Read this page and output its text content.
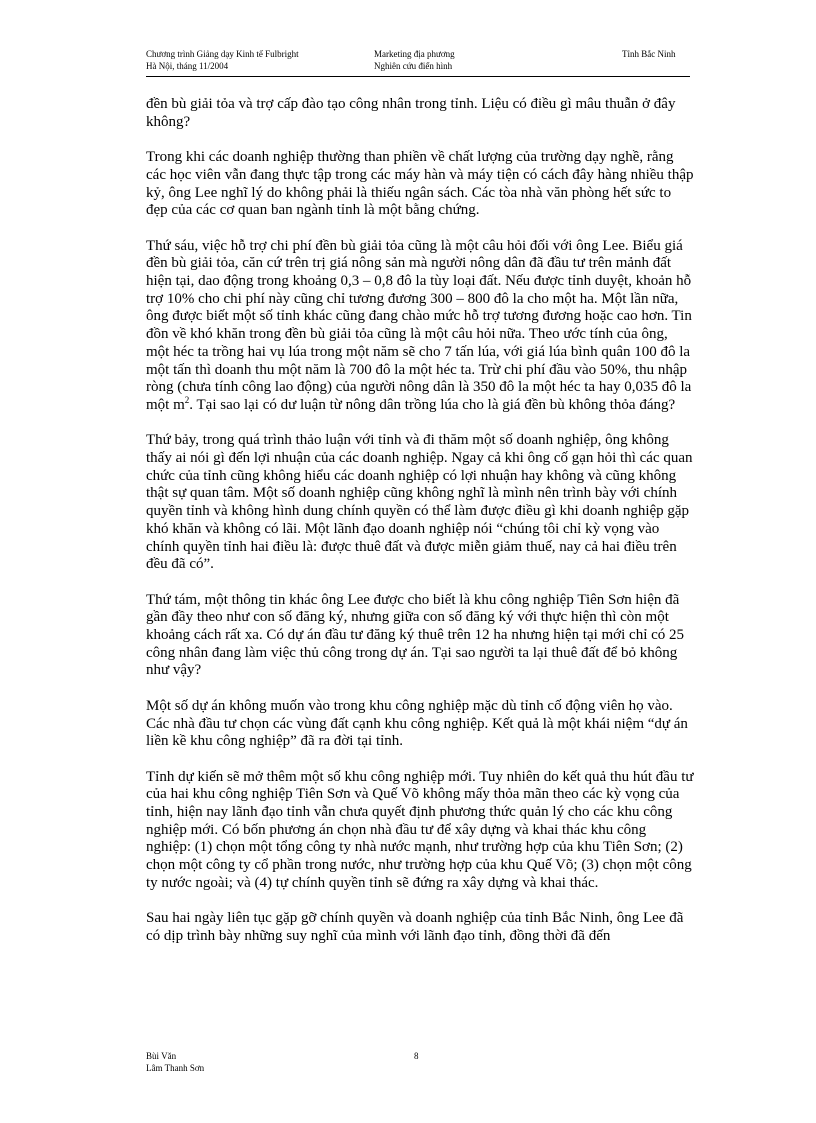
Chương trình Giảng dạy Kinh tế Fulbright
Hà Nội, tháng 11/2004
Marketing địa phương
Nghiên cứu điển hình
Tỉnh Bắc Ninh

đền bù giải tỏa và trợ cấp đào tạo công nhân trong tỉnh. Liệu có điều gì mâu thuẫn ở đây không?

Trong khi các doanh nghiệp thường than phiền về chất lượng của trường dạy nghề, rằng các học viên vẫn đang thực tập trong các máy hàn và máy tiện có cách đây hàng nhiều thập kỷ, ông Lee nghĩ lý do không phải là thiếu ngân sách. Các tòa nhà văn phòng hết sức to đẹp của các cơ quan ban ngành tỉnh là một bằng chứng.

Thứ sáu, việc hỗ trợ chi phí đền bù giải tỏa cũng là một câu hỏi đối với ông Lee. Biểu giá đền bù giải tỏa, căn cứ trên trị giá nông sản mà người nông dân đã đầu tư trên mảnh đất hiện tại, dao động trong khoảng 0,3 – 0,8 đô la tùy loại đất. Nếu được tỉnh duyệt, khoản hỗ trợ 10% cho chi phí này cũng chỉ tương đương 300 – 800 đô la cho một ha. Một lần nữa, ông được biết một số tỉnh khác cũng đang chào mức hỗ trợ tương đương hoặc cao hơn. Tin đồn về khó khăn trong đền bù giải tỏa cũng là một câu hỏi nữa. Theo ước tính của ông, một héc ta trồng hai vụ lúa trong một năm sẽ cho 7 tấn lúa, với giá lúa bình quân 100 đô la một tấn thì doanh thu một năm là 700 đô la một héc ta. Trừ chi phí đầu vào 50%, thu nhập ròng (chưa tính công lao động) của người nông dân là 350 đô la một héc ta hay 0,035 đô la một $m^2$. Tại sao lại có dư luận từ nông dân trồng lúa cho là giá đền bù không thỏa đáng?

Thứ bảy, trong quá trình thảo luận với tỉnh và đi thăm một số doanh nghiệp, ông không thấy ai nói gì đến lợi nhuận của các doanh nghiệp. Ngay cả khi ông cố gạn hỏi thì các quan chức của tỉnh cũng không hiểu các doanh nghiệp có lợi nhuận hay không và cũng không thật sự quan tâm. Một số doanh nghiệp cũng không nghĩ là mình nên trình bày với chính quyền tỉnh và không hình dung chính quyền có thể làm được điều gì khi doanh nghiệp gặp khó khăn và không có lãi. Một lãnh đạo doanh nghiệp nói “chúng tôi chỉ kỳ vọng vào chính quyền tỉnh hai điều là: được thuê đất và được miễn giảm thuế, nay cả hai điều trên đều đã có”.

Thứ tám, một thông tin khác ông Lee được cho biết là khu công nghiệp Tiên Sơn hiện đã gần đầy theo như con số đăng ký, nhưng giữa con số đăng ký với thực hiện thì còn một khoảng cách rất xa. Có dự án đầu tư đăng ký thuê trên 12 ha nhưng hiện tại mới chỉ có 25 công nhân đang làm việc thủ công trong dự án. Tại sao người ta lại thuê đất để bỏ không như vậy?

Một số dự án không muốn vào trong khu công nghiệp mặc dù tỉnh cố động viên họ vào. Các nhà đầu tư chọn các vùng đất cạnh khu công nghiệp. Kết quả là một khái niệm “dự án liền kề khu công nghiệp” đã ra đời tại tỉnh.

Tỉnh dự kiến sẽ mở thêm một số khu công nghiệp mới. Tuy nhiên do kết quả thu hút đầu tư của hai khu công nghiệp Tiên Sơn và Quế Võ không mấy thỏa mãn theo các kỳ vọng của tỉnh, hiện nay lãnh đạo tỉnh vẫn chưa quyết định phương thức quản lý cho các khu công nghiệp mới. Có bốn phương án chọn nhà đầu tư để xây dựng và khai thác khu công nghiệp: (1) chọn một tổng công ty nhà nước mạnh, như trường hợp của khu Tiên Sơn; (2) chọn một công ty cổ phần trong nước, như trường hợp của khu Quế Võ; (3) chọn một công ty nước ngoài; và (4) tự chính quyền tỉnh sẽ đứng ra xây dựng và khai thác.

Sau hai ngày liên tục gặp gỡ chính quyền và doanh nghiệp của tỉnh Bắc Ninh, ông Lee đã có dịp trình bày những suy nghĩ của mình với lãnh đạo tỉnh, đồng thời đã đến

Bùi Văn
Lâm Thanh Sơn
8
